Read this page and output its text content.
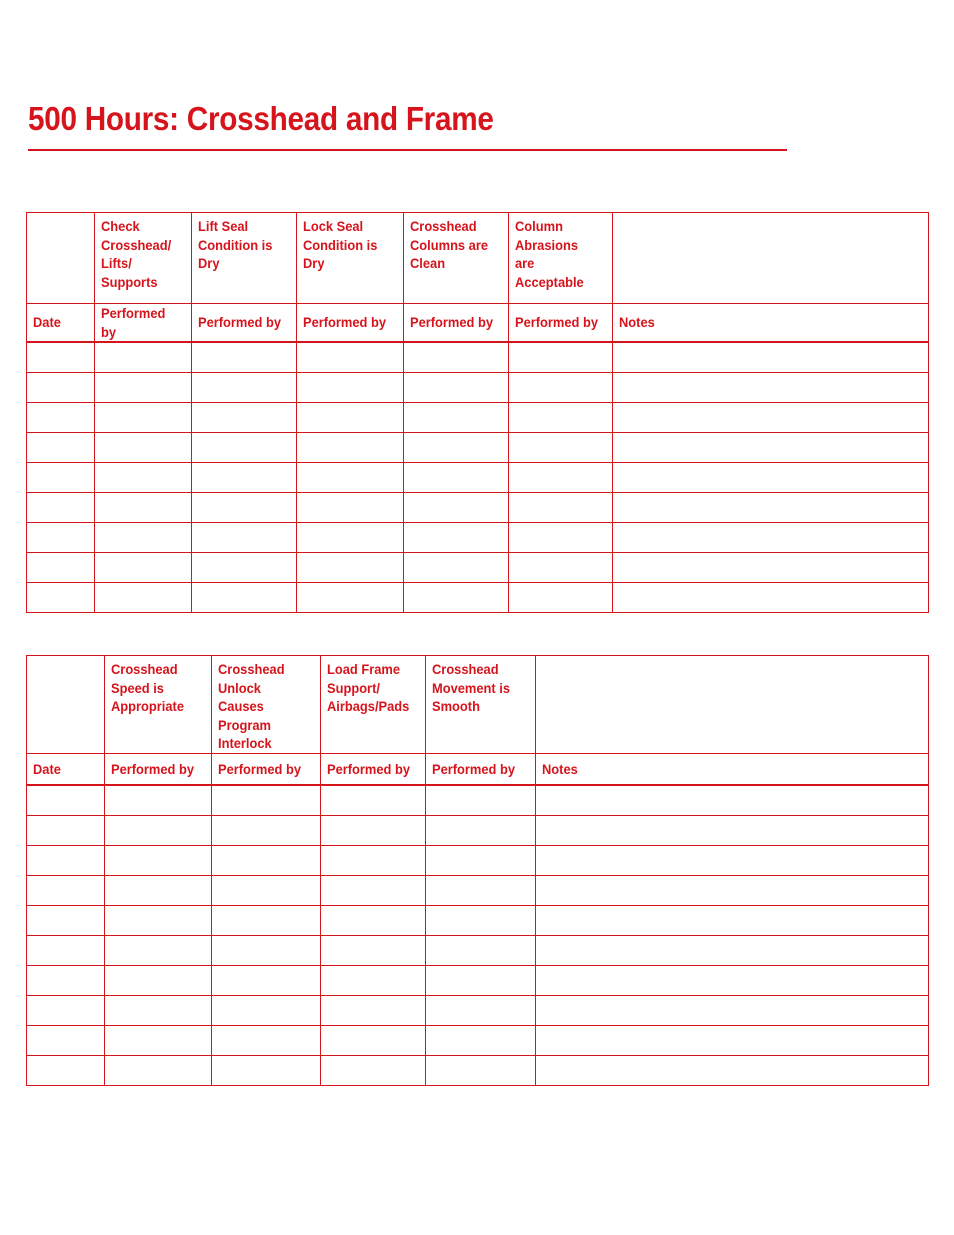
500 Hours: Crosshead and Frame

	Check Crosshead/ Lifts/ Supports	Lift Seal Condition is Dry	Lock Seal Condition is Dry	Crosshead Columns are Clean	Column Abrasions are Acceptable	

Date	Performed by	Performed by	Performed by	Performed by	Performed by	Notes

	Crosshead Speed is Appropriate	Crosshead Unlock Causes Program Interlock	Load Frame Support/ Airbags/Pads	Crosshead Movement is Smooth	

Date	Performed by	Performed by	Performed by	Performed by	Notes
